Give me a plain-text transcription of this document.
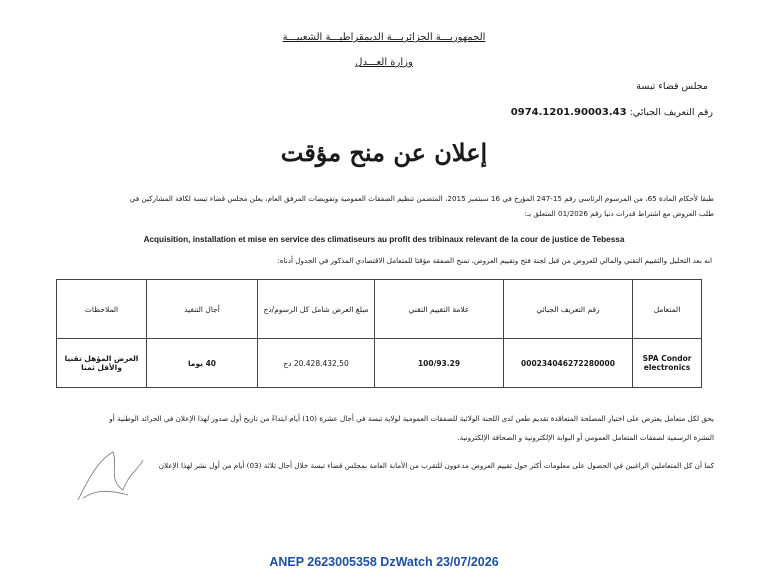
الجمهوريـــة الجزائريـــة الديمقراطيـــة الشعبيـــة
وزارة العـــدل
مجلس قضاء تبسة
رقم التعريف الجبائي: 0974.1201.90003.43
إعلان عن منح مؤقت
طبقا لأحكام المادة 65، من المرسوم الرئاسي رقم 15-247 المؤرخ في 16 سبتمبر 2015، المتضمن تنظيم الصفقات العمومية وتفويضات المرفق العام، يعلن مجلس قضاء تبسة لكافة المشاركين في
طلب العروض مع اشتراط قدرات دنيا رقم 01/2026 المتعلق بـ:
Acquisition, installation et mise en service des climatiseurs au profit des tribinaux relevant de la cour de justice de Tebessa
انه بعد التحليل والتقييم التقني والمالي للعروض من قبل لجنة فتح وتقييم العروض، تمنح الصفقة مؤقتا للمتعامل الاقتصادي المذكور في الجدول أدناه:
المتعامل	رقم التعريف الجبائي	علامة التقييم التقني	مبلغ العرض شامل كل الرسوم/دج	أجال التنفيذ	الملاحظات
SPA Condor electronics	000234046272280000	100/93.29	20.428.432,50 دج	40 يوما	العرض المؤهل تقنيا والأقل ثمنا
يحق لكل متعامل يعترض على اختيار المصلحة المتعاقدة تقديم طعن لدى اللجنة الولائية للصفقات العمومية لولاية تبسة في أجال عشرة (10) أيام ابتداءً من تاريخ أول صدور لهذا الإعلان في الجرائد الوطنية أو
النشرة الرسمية لصفقات المتعامل العمومي أو البوابة الإلكترونية و الصحافة الإلكترونية.
كما أن كل المتعاملين الراغبين في الحصول على معلومات أكثر حول تقييم العروض مدعوون للتقرب من الأمانة العامة بمجلس قضاء تبسة خلال أجال ثلاثة (03) أيام من أول نشر لهذا الإعلان
ANEP 2623005358 DzWatch 23/07/2026
